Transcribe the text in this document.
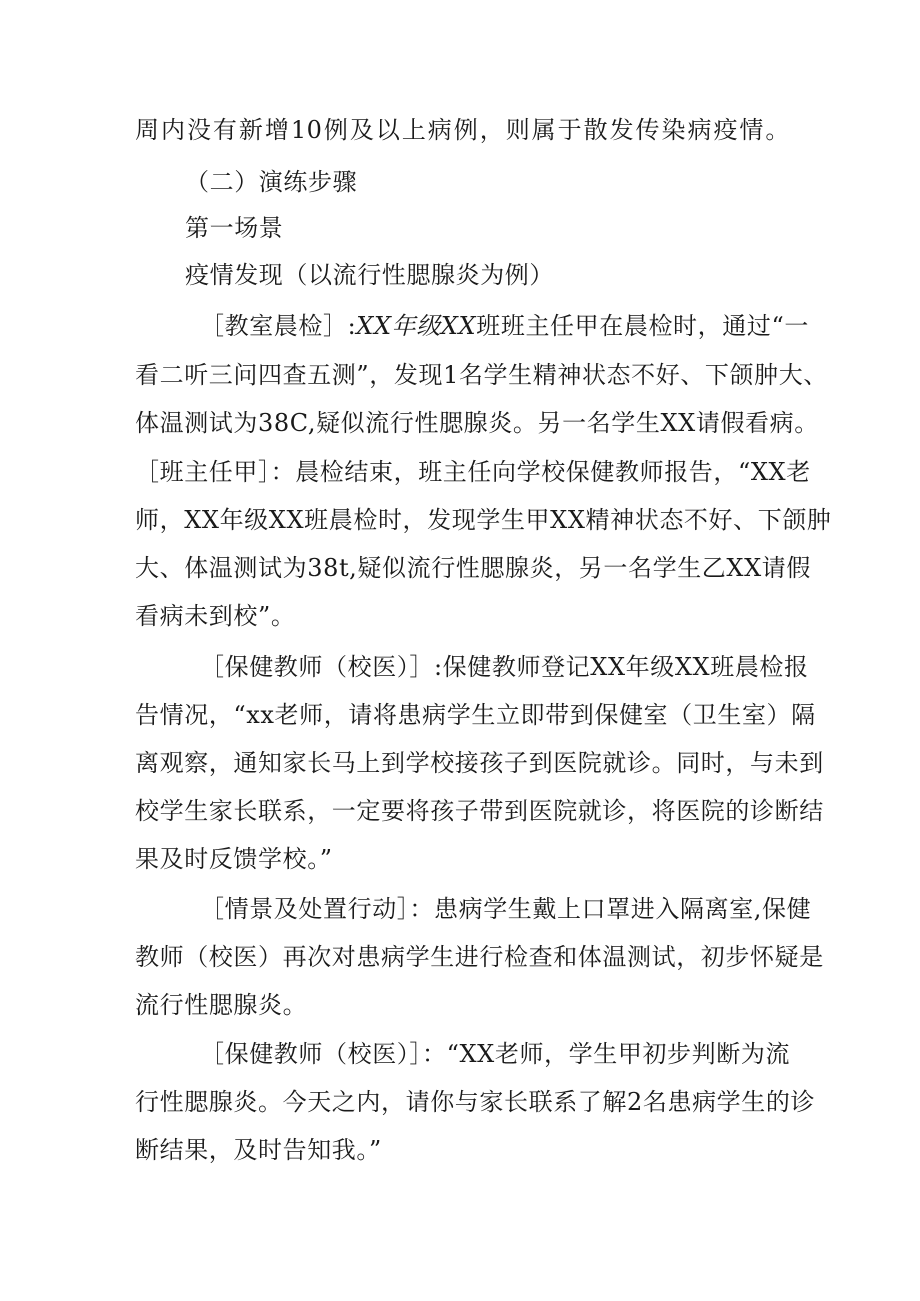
周内没有新增10例及以上病例，则属于散发传染病疫情。
（二）演练步骤
第一场景
疫情发现（以流行性腮腺炎为例）
［教室晨检］:XX年级XX班班主任甲在晨检时，通过“一
看二听三问四查五测”，发现1名学生精神状态不好、下颌肿大、
体温测试为38C,疑似流行性腮腺炎。另一名学生XX请假看病。
［班主任甲］：晨检结束，班主任向学校保健教师报告，“XX老
师，XX年级XX班晨检时，发现学生甲XX精神状态不好、下颌肿
大、体温测试为38t,疑似流行性腮腺炎，另一名学生乙XX请假
看病未到校”。
［保健教师（校医）］:保健教师登记XX年级XX班晨检报
告情况，“xx老师，请将患病学生立即带到保健室（卫生室）隔
离观察，通知家长马上到学校接孩子到医院就诊。同时，与未到
校学生家长联系，一定要将孩子带到医院就诊，将医院的诊断结
果及时反馈学校。”
［情景及处置行动］：患病学生戴上口罩进入隔离室,保健
教师（校医）再次对患病学生进行检查和体温测试，初步怀疑是
流行性腮腺炎。
［保健教师（校医）］：“XX老师，学生甲初步判断为流
行性腮腺炎。今天之内，请你与家长联系了解2名患病学生的诊
断结果，及时告知我。”
